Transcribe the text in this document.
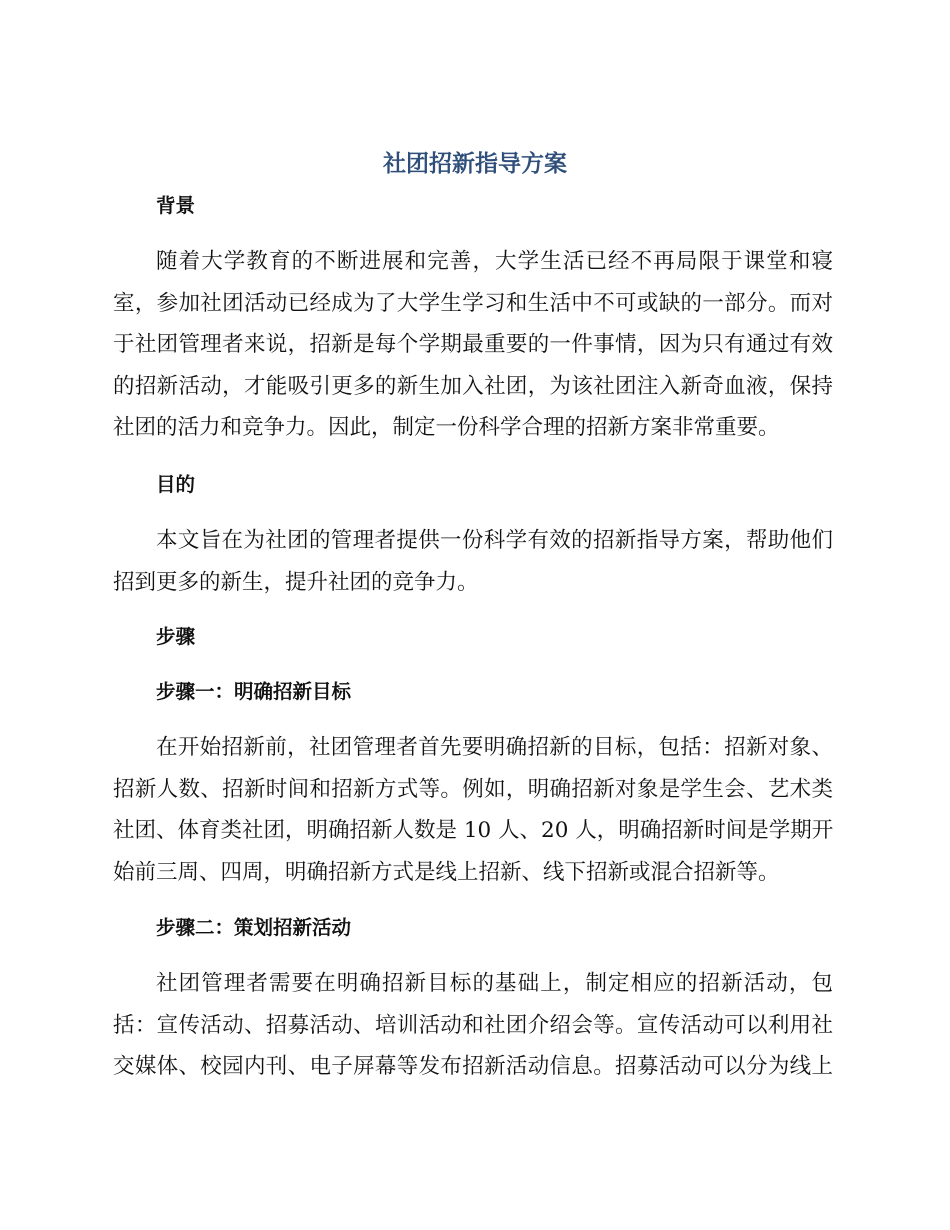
社团招新指导方案
背景
随着大学教育的不断进展和完善，大学生活已经不再局限于课堂和寝
室，参加社团活动已经成为了大学生学习和生活中不可或缺的一部分。而对
于社团管理者来说，招新是每个学期最重要的一件事情，因为只有通过有效
的招新活动，才能吸引更多的新生加入社团，为该社团注入新奇血液，保持
社团的活力和竞争力。因此，制定一份科学合理的招新方案非常重要。
目的
本文旨在为社团的管理者提供一份科学有效的招新指导方案，帮助他们
招到更多的新生，提升社团的竞争力。
步骤
步骤一：明确招新目标
在开始招新前，社团管理者首先要明确招新的目标，包括：招新对象、
招新人数、招新时间和招新方式等。例如，明确招新对象是学生会、艺术类
社团、体育类社团，明确招新人数是 10 人、20 人，明确招新时间是学期开
始前三周、四周，明确招新方式是线上招新、线下招新或混合招新等。
步骤二：策划招新活动
社团管理者需要在明确招新目标的基础上，制定相应的招新活动，包
括：宣传活动、招募活动、培训活动和社团介绍会等。宣传活动可以利用社
交媒体、校园内刊、电子屏幕等发布招新活动信息。招募活动可以分为线上
